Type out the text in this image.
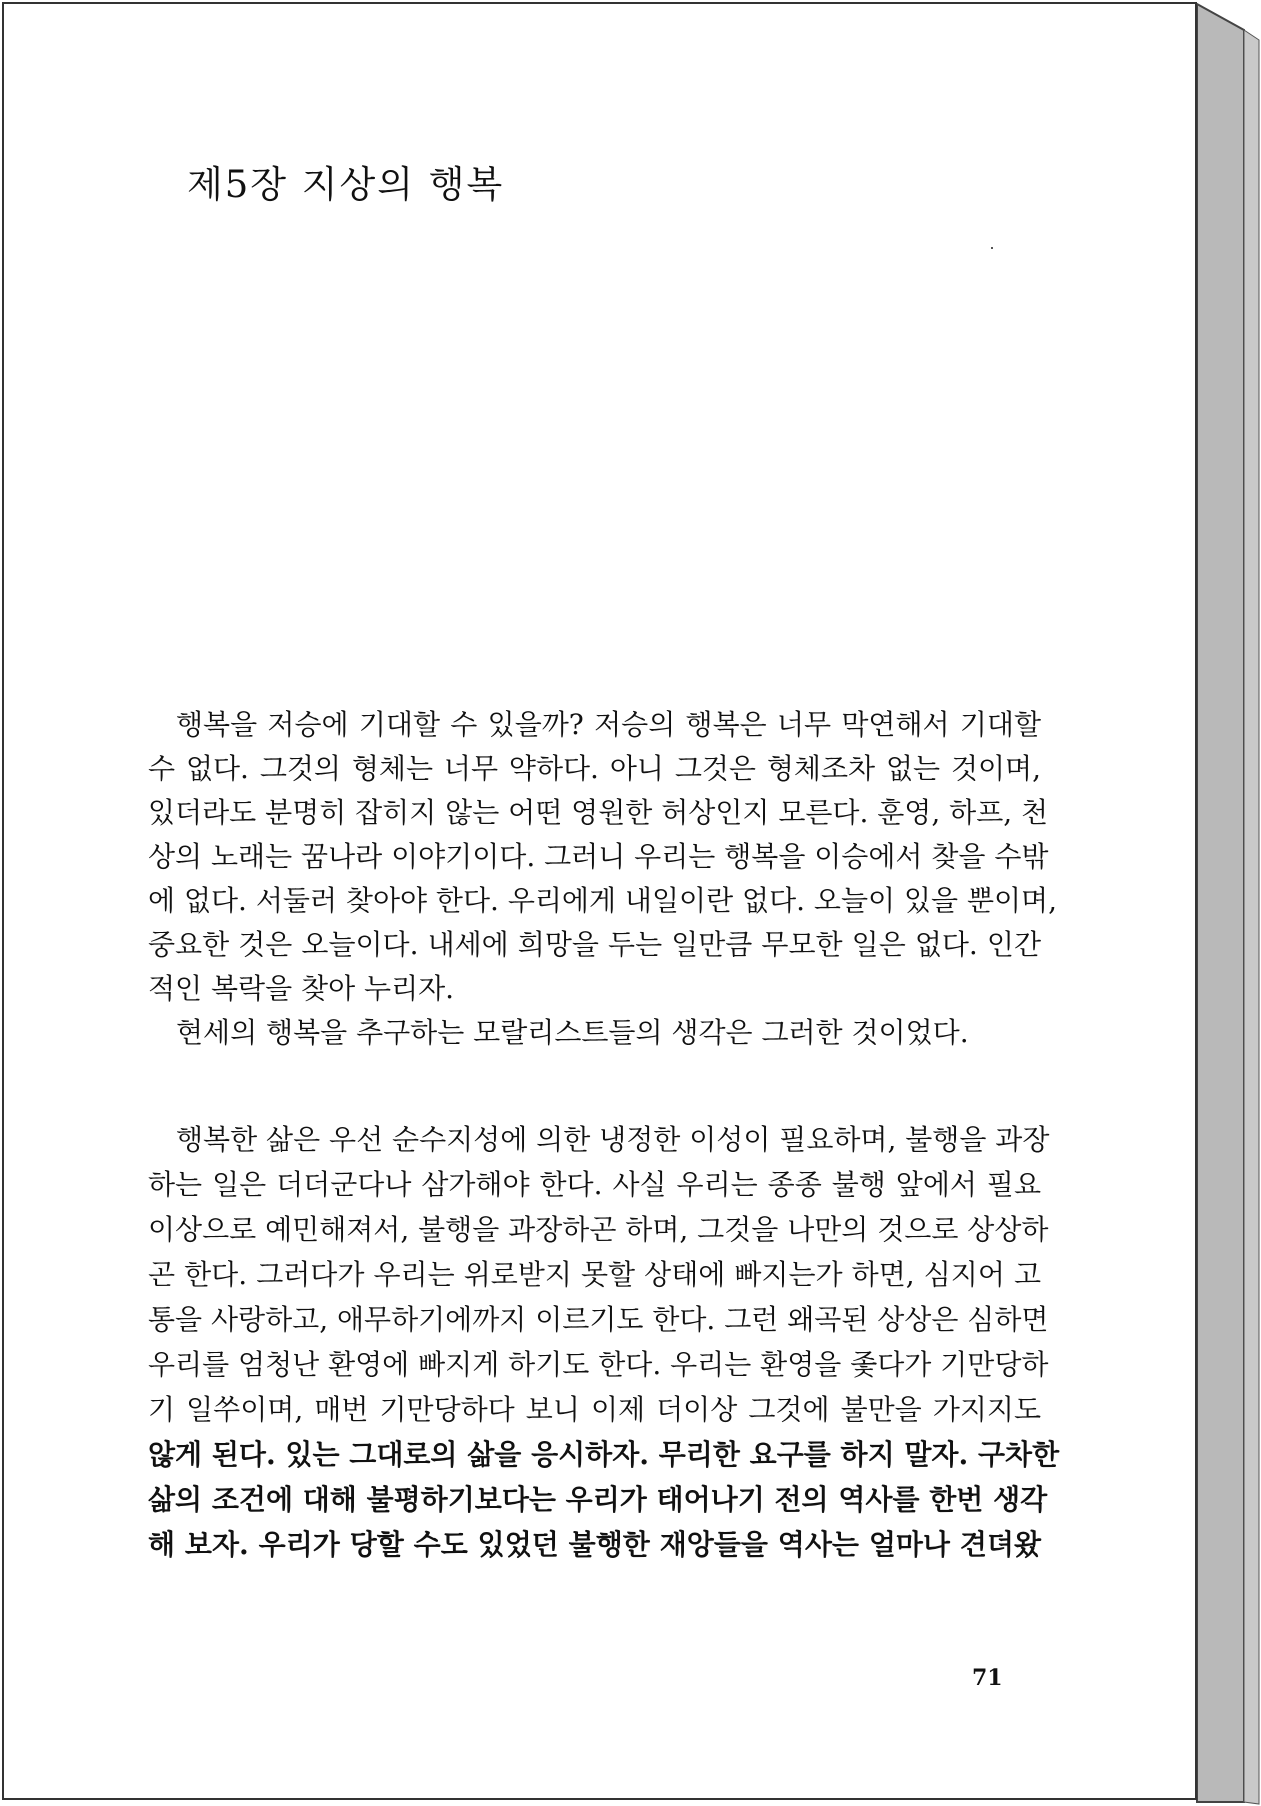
제5장 지상의 행복

행복을 저승에 기대할 수 있을까? 저승의 행복은 너무 막연해서 기대할

수 없다. 그것의 형체는 너무 약하다. 아니 그것은 형체조차 없는 것이며,

있더라도 분명히 잡히지 않는 어떤 영원한 허상인지 모른다. 훈영, 하프, 천

상의 노래는 꿈나라 이야기이다. 그러니 우리는 행복을 이승에서 찾을 수밖

에 없다. 서둘러 찾아야 한다. 우리에게 내일이란 없다. 오늘이 있을 뿐이며,

중요한 것은 오늘이다. 내세에 희망을 두는 일만큼 무모한 일은 없다. 인간

적인 복락을 찾아 누리자.

현세의 행복을 추구하는 모랄리스트들의 생각은 그러한 것이었다.

행복한 삶은 우선 순수지성에 의한 냉정한 이성이 필요하며, 불행을 과장

하는 일은 더더군다나 삼가해야 한다. 사실 우리는 종종 불행 앞에서 필요

이상으로 예민해져서, 불행을 과장하곤 하며, 그것을 나만의 것으로 상상하

곤 한다. 그러다가 우리는 위로받지 못할 상태에 빠지는가 하면, 심지어 고

통을 사랑하고, 애무하기에까지 이르기도 한다. 그런 왜곡된 상상은 심하면

우리를 엄청난 환영에 빠지게 하기도 한다. 우리는 환영을 좇다가 기만당하

기 일쑤이며, 매번 기만당하다 보니 이제 더이상 그것에 불만을 가지지도

않게 된다. 있는 그대로의 삶을 응시하자. 무리한 요구를 하지 말자. 구차한

삶의 조건에 대해 불평하기보다는 우리가 태어나기 전의 역사를 한번 생각

해 보자. 우리가 당할 수도 있었던 불행한 재앙들을 역사는 얼마나 견뎌왔

71
